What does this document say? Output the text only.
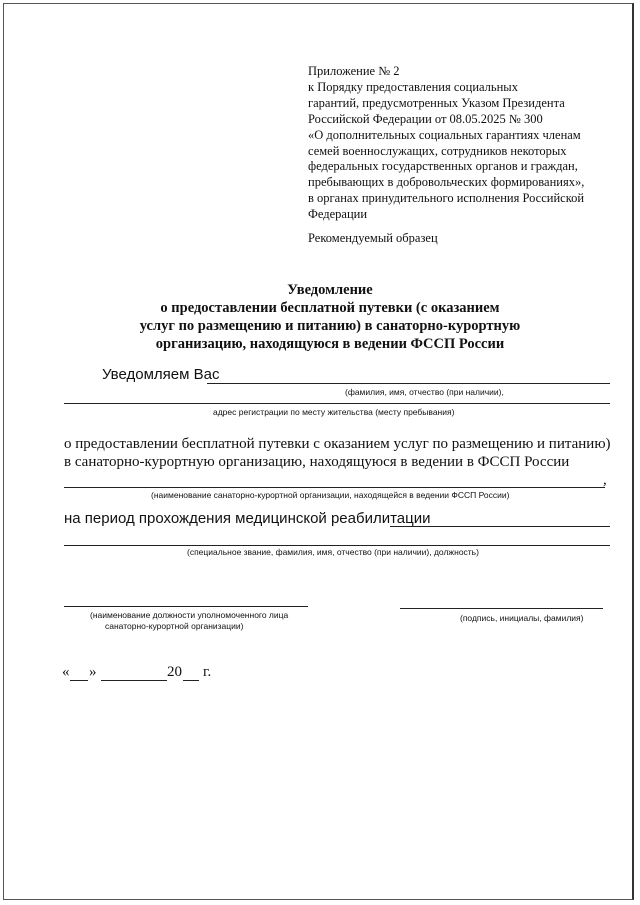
Приложение № 2
к Порядку предоставления социальных
гарантий, предусмотренных Указом Президента
Российской Федерации от 08.05.2025 № 300
«О дополнительных социальных гарантиях членам
семей военнослужащих, сотрудников некоторых
федеральных государственных органов и граждан,
пребывающих в добровольческих формированиях»,
в органах принудительного исполнения Российской
Федерации
Рекомендуемый образец
Уведомление
о предоставлении бесплатной путевки (с оказанием
услуг по размещению и питанию) в санаторно-курортную
организацию, находящуюся в ведении ФССП России
Уведомляем Вас
(фамилия, имя, отчество (при наличии),
адрес регистрации по месту жительства (месту пребывания)
о предоставлении бесплатной путевки с оказанием услуг по размещению и питанию)
в санаторно-курортную организацию, находящуюся в ведении в ФССП России
,
(наименование санаторно-курортной организации, находящейся в ведении ФССП России)
на период прохождения медицинской реабилитации
(специальное звание, фамилия, имя, отчество (при наличии), должность)
(наименование должности уполномоченного лица
санаторно-курортной организации)
(подпись, инициалы, фамилия)
« »	20 г.
